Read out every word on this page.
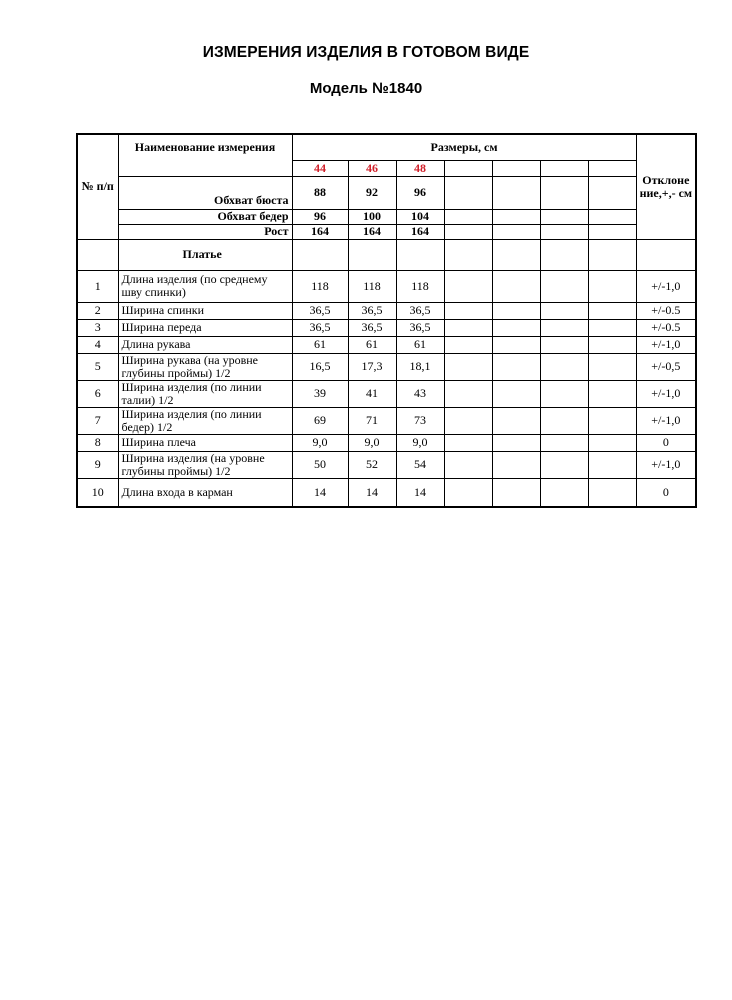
ИЗМЕРЕНИЯ ИЗДЕЛИЯ В ГОТОВОМ ВИДЕ
Модель №1840
№ п/п	Наименование измерения	Размеры, см							Отклоне ние,+,- см
		44	46	48					
	Обхват бюста	88	92	96					
	Обхват бедер	96	100	104					
	Рост	164	164	164					
	Платье								
1	Длина изделия (по среднему шву спинки)	118	118	118					+/-1,0
2	Ширина спинки	36,5	36,5	36,5					+/-0.5
3	Ширина переда	36,5	36,5	36,5					+/-0.5
4	Длина рукава	61	61	61					+/-1,0
5	Ширина рукава (на уровне глубины проймы) 1/2	16,5	17,3	18,1					+/-0,5
6	Ширина изделия (по линии талии) 1/2	39	41	43					+/-1,0
7	Ширина изделия (по линии бедер) 1/2	69	71	73					+/-1,0
8	Ширина плеча	9,0	9,0	9,0					0
9	Ширина изделия (на уровне глубины проймы) 1/2	50	52	54					+/-1,0
10	Длина входа в карман	14	14	14					0
